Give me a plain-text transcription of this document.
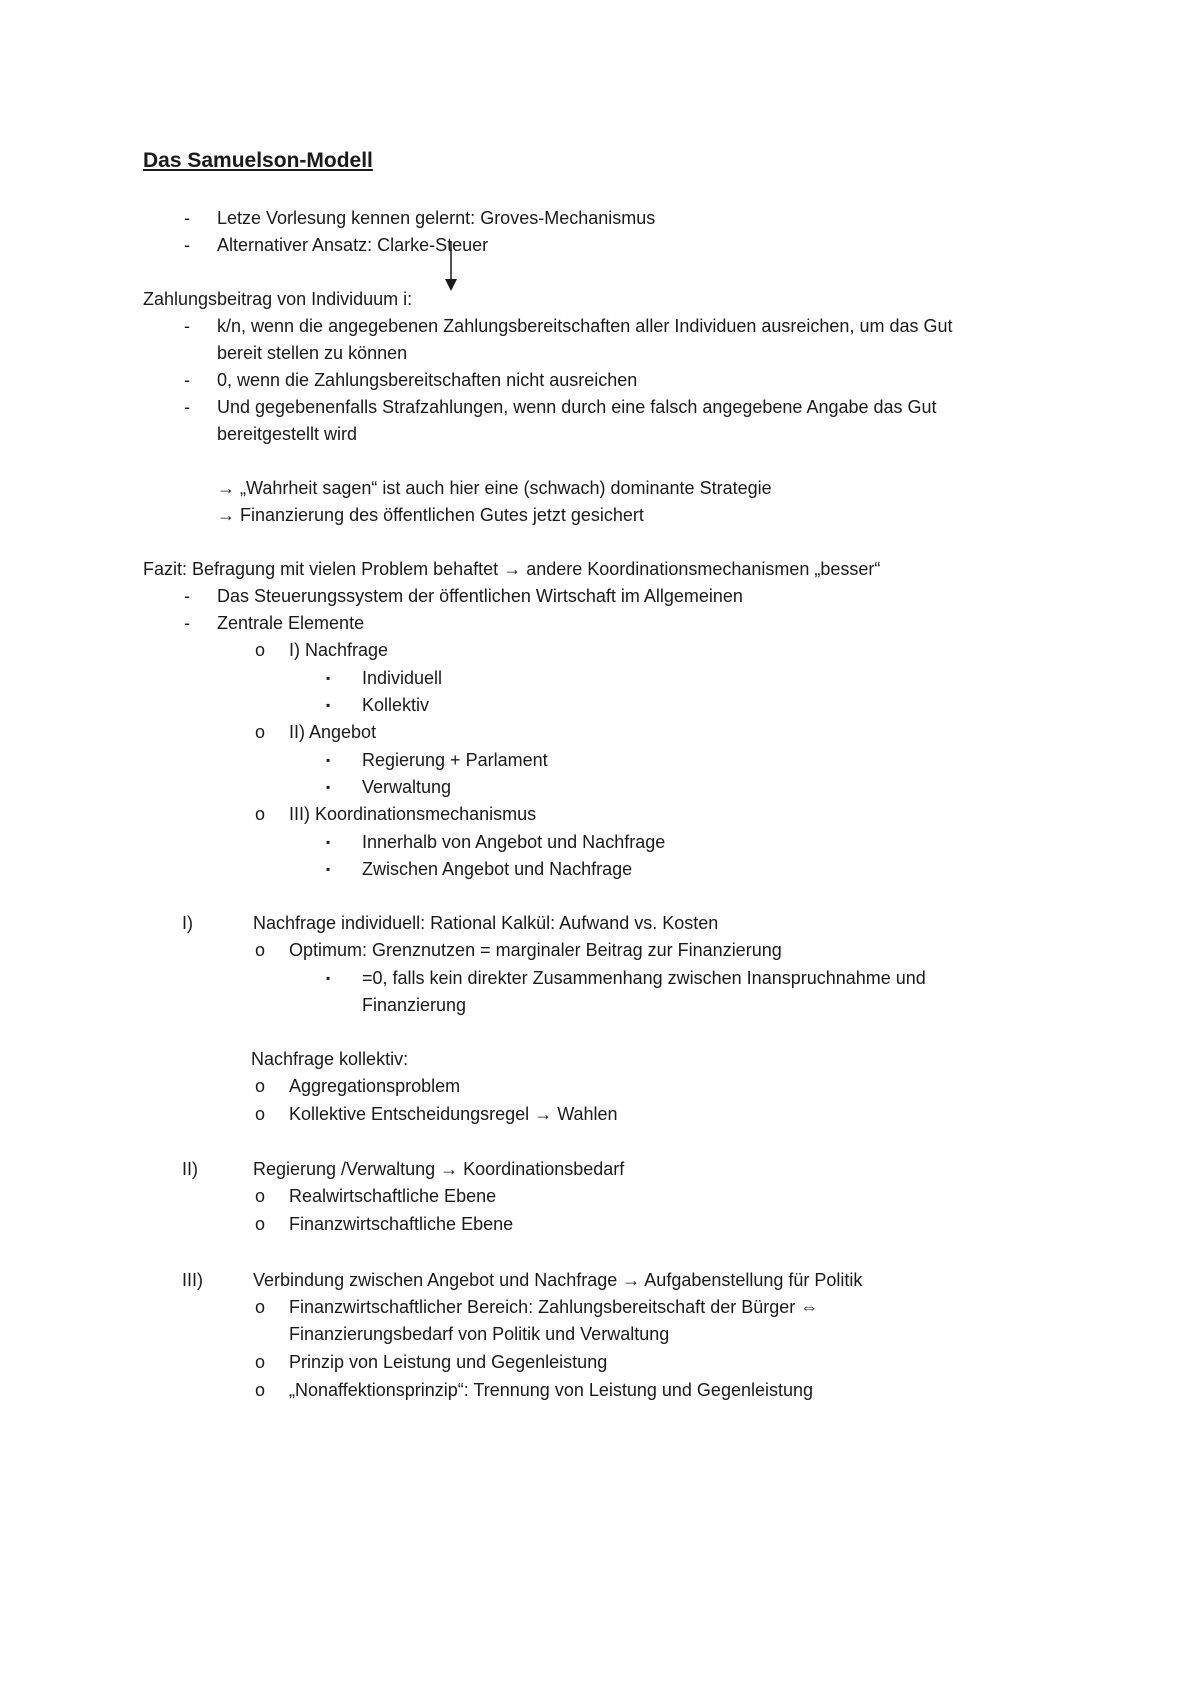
Das Samuelson-Modell
- Letze Vorlesung kennen gelernt: Groves-Mechanismus
- Alternativer Ansatz: Clarke-Steuer
Zahlungsbeitrag von Individuum i:
- k/n, wenn die angegebenen Zahlungsbereitschaften aller Individuen ausreichen, um das Gut
bereit stellen zu können
- 0, wenn die Zahlungsbereitschaften nicht ausreichen
- Und gegebenenfalls Strafzahlungen, wenn durch eine falsch angegebene Angabe das Gut
bereitgestellt wird
→ „Wahrheit sagen“ ist auch hier eine (schwach) dominante Strategie
→ Finanzierung des öffentlichen Gutes jetzt gesichert
Fazit: Befragung mit vielen Problem behaftet → andere Koordinationsmechanismen „besser“
- Das Steuerungssystem der öffentlichen Wirtschaft im Allgemeinen
- Zentrale Elemente
o I) Nachfrage
▪ Individuell
▪ Kollektiv
o II) Angebot
▪ Regierung + Parlament
▪ Verwaltung
o III) Koordinationsmechanismus
▪ Innerhalb von Angebot und Nachfrage
▪ Zwischen Angebot und Nachfrage
I)	Nachfrage individuell: Rational Kalkül: Aufwand vs. Kosten
o Optimum: Grenznutzen = marginaler Beitrag zur Finanzierung
▪ =0, falls kein direkter Zusammenhang zwischen Inanspruchnahme und
Finanzierung
Nachfrage kollektiv:
o Aggregationsproblem
o Kollektive Entscheidungsregel → Wahlen
II)	Regierung /Verwaltung → Koordinationsbedarf
o Realwirtschaftliche Ebene
o Finanzwirtschaftliche Ebene
III)	Verbindung zwischen Angebot und Nachfrage → Aufgabenstellung für Politik
o Finanzwirtschaftlicher Bereich: Zahlungsbereitschaft der Bürger ⇔
Finanzierungsbedarf von Politik und Verwaltung
o Prinzip von Leistung und Gegenleistung
o „Nonaffektionsprinzip“: Trennung von Leistung und Gegenleistung
